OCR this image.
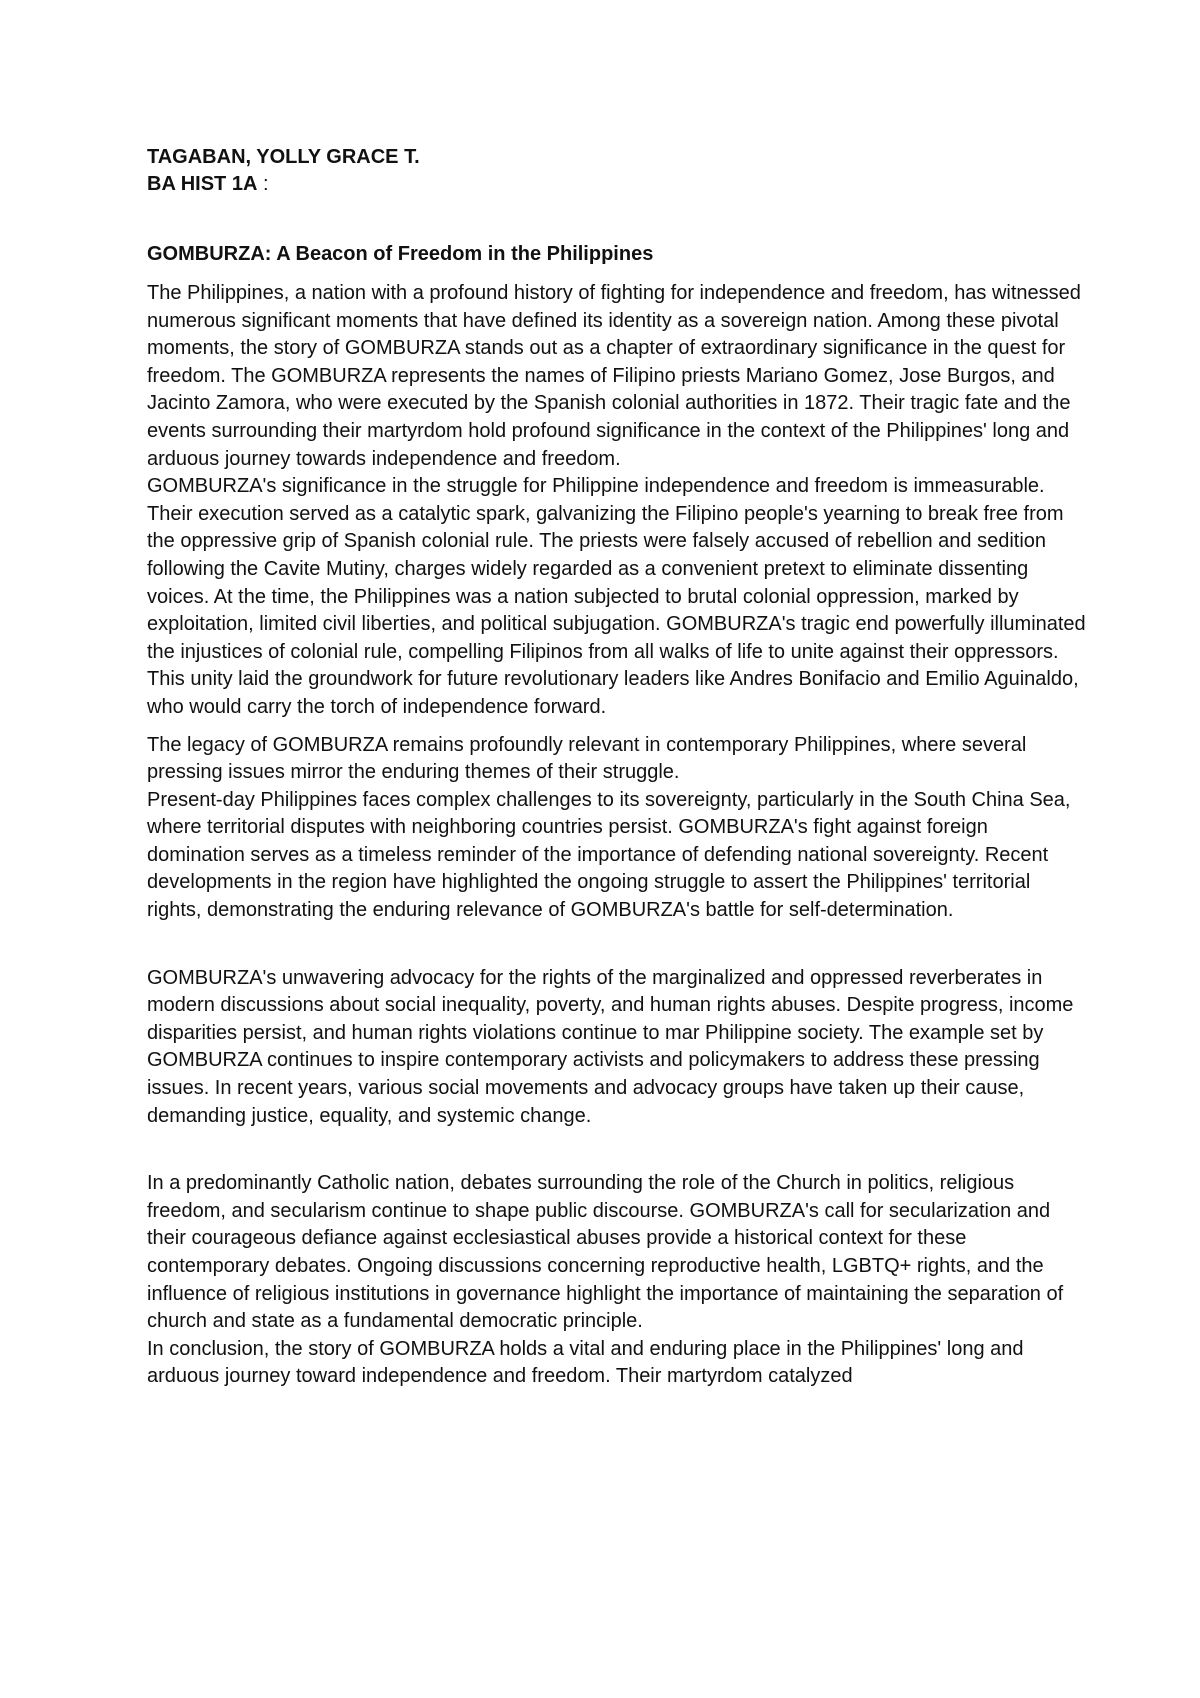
TAGABAN, YOLLY GRACE T.

BA HIST 1A :

GOMBURZA: A Beacon of Freedom in the Philippines

The Philippines, a nation with a profound history of fighting for independence and freedom, has witnessed numerous significant moments that have defined its identity as a sovereign nation. Among these pivotal moments, the story of GOMBURZA stands out as a chapter of extraordinary significance in the quest for freedom. The GOMBURZA represents the names of Filipino priests Mariano Gomez, Jose Burgos, and Jacinto Zamora, who were executed by the Spanish colonial authorities in 1872. Their tragic fate and the events surrounding their martyrdom hold profound significance in the context of the Philippines' long and arduous journey towards independence and freedom.

GOMBURZA's significance in the struggle for Philippine independence and freedom is immeasurable. Their execution served as a catalytic spark, galvanizing the Filipino people's yearning to break free from the oppressive grip of Spanish colonial rule. The priests were falsely accused of rebellion and sedition following the Cavite Mutiny, charges widely regarded as a convenient pretext to eliminate dissenting voices. At the time, the Philippines was a nation subjected to brutal colonial oppression, marked by exploitation, limited civil liberties, and political subjugation. GOMBURZA's tragic end powerfully illuminated the injustices of colonial rule, compelling Filipinos from all walks of life to unite against their oppressors. This unity laid the groundwork for future revolutionary leaders like Andres Bonifacio and Emilio Aguinaldo, who would carry the torch of independence forward.

The legacy of GOMBURZA remains profoundly relevant in contemporary Philippines, where several pressing issues mirror the enduring themes of their struggle.

Present-day Philippines faces complex challenges to its sovereignty, particularly in the South China Sea, where territorial disputes with neighboring countries persist. GOMBURZA's fight against foreign domination serves as a timeless reminder of the importance of defending national sovereignty. Recent developments in the region have highlighted the ongoing struggle to assert the Philippines' territorial rights, demonstrating the enduring relevance of GOMBURZA's battle for self-determination.

GOMBURZA's unwavering advocacy for the rights of the marginalized and oppressed reverberates in modern discussions about social inequality, poverty, and human rights abuses. Despite progress, income disparities persist, and human rights violations continue to mar Philippine society. The example set by GOMBURZA continues to inspire contemporary activists and policymakers to address these pressing issues. In recent years, various social movements and advocacy groups have taken up their cause, demanding justice, equality, and systemic change.

In a predominantly Catholic nation, debates surrounding the role of the Church in politics, religious freedom, and secularism continue to shape public discourse. GOMBURZA's call for secularization and their courageous defiance against ecclesiastical abuses provide a historical context for these contemporary debates. Ongoing discussions concerning reproductive health, LGBTQ+ rights, and the influence of religious institutions in governance highlight the importance of maintaining the separation of church and state as a fundamental democratic principle.

In conclusion, the story of GOMBURZA holds a vital and enduring place in the Philippines' long and arduous journey toward independence and freedom. Their martyrdom catalyzed
